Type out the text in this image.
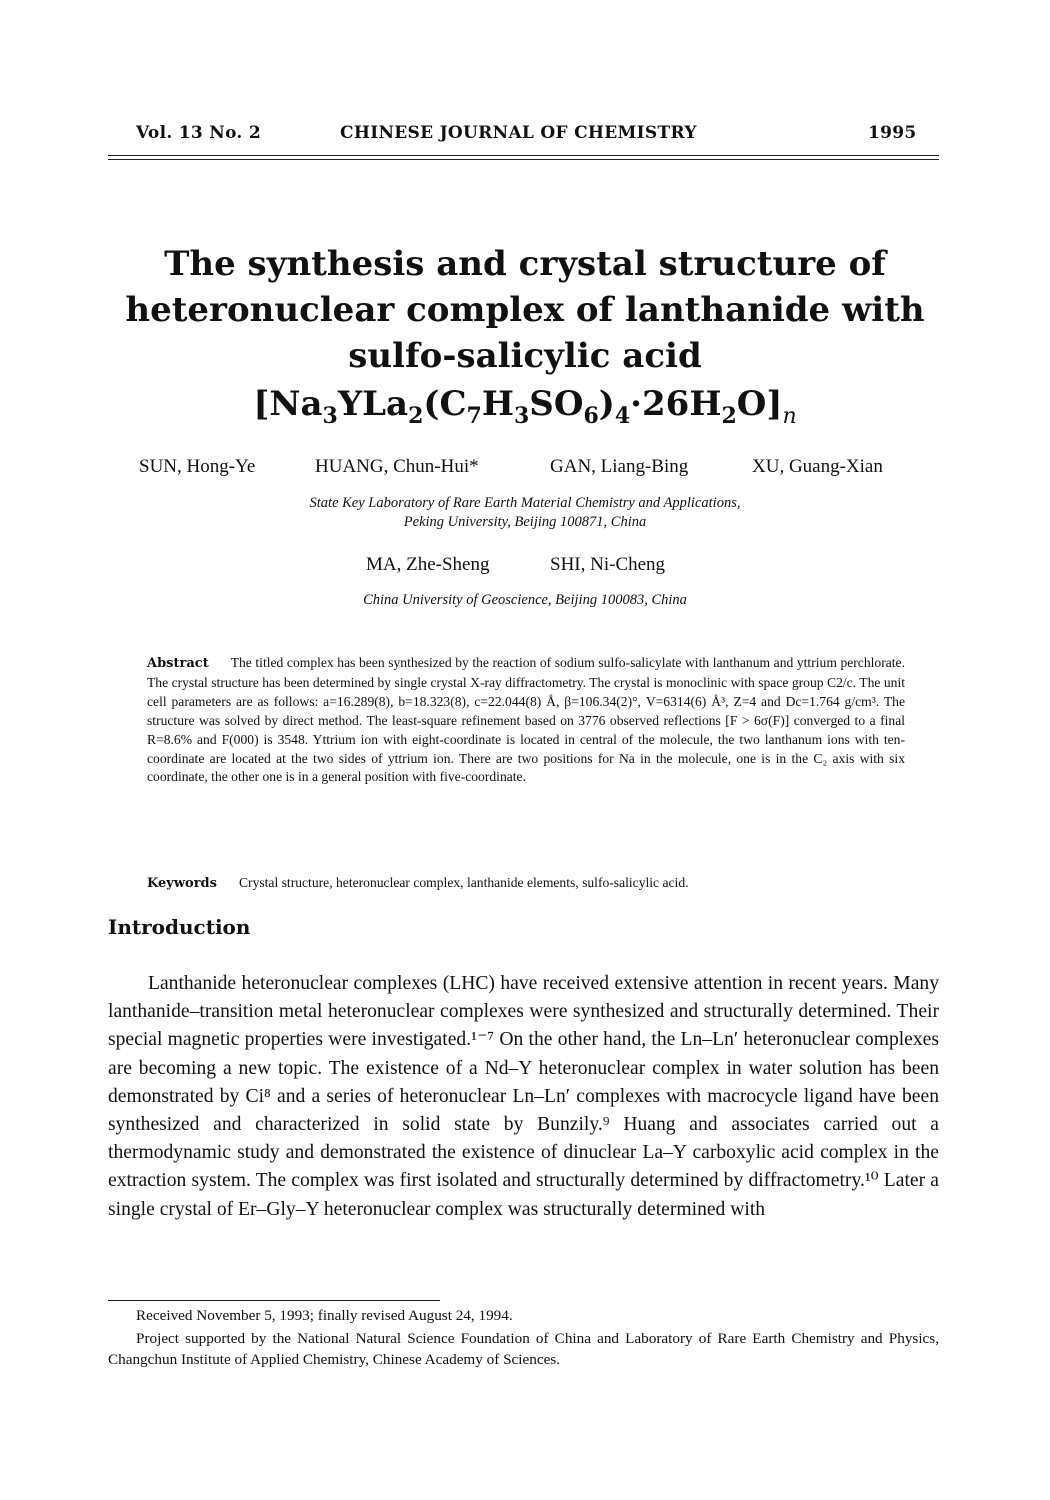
Vol. 13 No. 2	CHINESE JOURNAL OF CHEMISTRY	1995
The synthesis and crystal structure of
heteronuclear complex of lanthanide with
sulfo-salicylic acid
$[Na_3YLa_2(C_7H_3SO_6)_4\cdot 26H_2O]_n$
SUN, Hong-Ye	HUANG, Chun-Hui*	GAN, Liang-Bing	XU, Guang-Xian
State Key Laboratory of Rare Earth Material Chemistry and Applications,
Peking University, Beijing 100871, China
MA, Zhe-Sheng	SHI, Ni-Cheng
China University of Geoscience, Beijing 100083, China
Abstract The titled complex has been synthesized by the reaction of sodium sulfo-salicylate with lanthanum and yttrium perchlorate. The crystal structure has been determined by single crystal X-ray diffractometry. The crystal is monoclinic with space group C2/c. The unit cell parameters are as follows: a=16.289(8), b=18.323(8), c=22.044(8) Å, β=106.34(2)°, V=6314(6) Å³, Z=4 and Dc=1.764 g/cm³. The structure was solved by direct method. The least-square refinement based on 3776 observed reflections [F > 6σ(F)] converged to a final R=8.6% and F(000) is 3548. Yttrium ion with eight-coordinate is located in central of the molecule, the two lanthanum ions with ten-coordinate are located at the two sides of yttrium ion. There are two positions for Na in the molecule, one is in the C₂ axis with six coordinate, the other one is in a general position with five-coordinate.
Keywords Crystal structure, heteronuclear complex, lanthanide elements, sulfo-salicylic acid.
Introduction

Lanthanide heteronuclear complexes (LHC) have received extensive attention in recent years. Many lanthanide–transition metal heteronuclear complexes were synthesized and structurally determined. Their special magnetic properties were investigated.¹⁻⁷ On the other hand, the Ln–Ln′ heteronuclear complexes are becoming a new topic. The existence of a Nd–Y heteronuclear complex in water solution has been demonstrated by Ci⁸ and a series of heteronuclear Ln–Ln′ complexes with macrocycle ligand have been synthesized and characterized in solid state by Bunzily.⁹ Huang and associates carried out a thermodynamic study and demonstrated the existence of dinuclear La–Y carboxylic acid complex in the extraction system. The complex was first isolated and structurally determined by diffractometry.¹⁰ Later a single crystal of Er–Gly–Y heteronuclear complex was structurally determined with

Received November 5, 1993; finally revised August 24, 1994.
Project supported by the National Natural Science Foundation of China and Laboratory of Rare Earth Chemistry and Physics, Changchun Institute of Applied Chemistry, Chinese Academy of Sciences.
